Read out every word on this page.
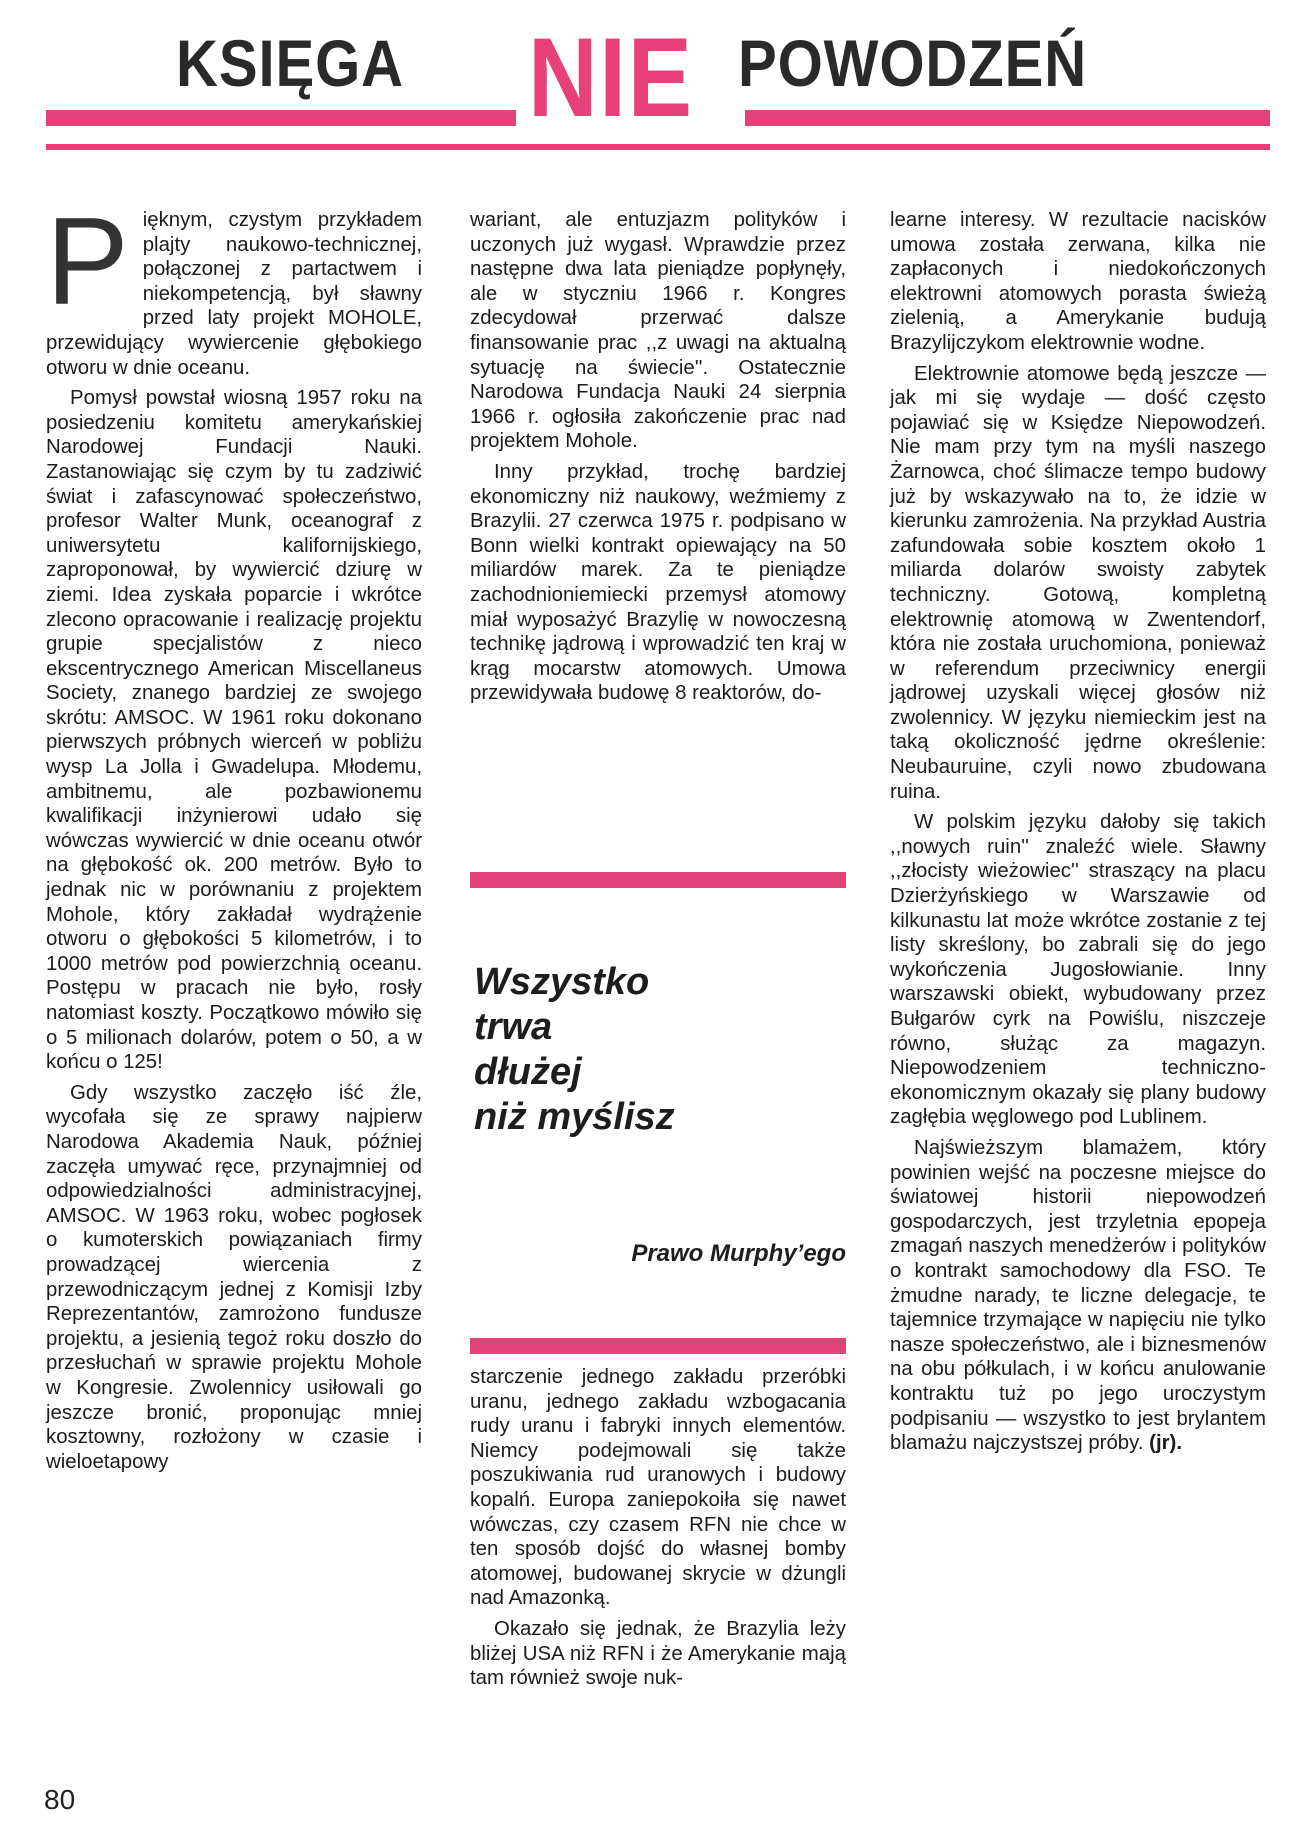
KSIĘGA NIE POWODZEŃ

Pięknym, czystym przykładem plajty naukowo-technicznej, połączonej z partactwem i niekompetencją, był sławny przed laty projekt MOHOLE, przewidujący wywiercenie głębokiego otworu w dnie oceanu.

Pomysł powstał wiosną 1957 roku na posiedzeniu komitetu amerykańskiej Narodowej Fundacji Nauki. Zastanowiając się czym by tu zadziwić świat i zafascynować społeczeństwo, profesor Walter Munk, oceanograf z uniwersytetu kalifornijskiego, zaproponował, by wywiercić dziurę w ziemi. Idea zyskała poparcie i wkrótce zlecono opracowanie i realizację projektu grupie specjalistów z nieco ekscentrycznego American Miscellaneus Society, znanego bardziej ze swojego skrótu: AMSOC. W 1961 roku dokonano pierwszych próbnych wierceń w pobliżu wysp La Jolla i Gwadelupa. Młodemu, ambitnemu, ale pozbawionemu kwalifikacji inżynierowi udało się wówczas wywiercić w dnie oceanu otwór na głębokość ok. 200 metrów. Było to jednak nic w porównaniu z projektem Mohole, który zakładał wydrążenie otworu o głębokości 5 kilometrów, i to 1000 metrów pod powierzchnią oceanu. Postępu w pracach nie było, rosły natomiast koszty. Początkowo mówiło się o 5 milionach dolarów, potem o 50, a w końcu o 125!

Gdy wszystko zaczęło iść źle, wycofała się ze sprawy najpierw Narodowa Akademia Nauk, później zaczęła umywać ręce, przynajmniej od odpowiedzialności administracyjnej, AMSOC. W 1963 roku, wobec pogłosek o kumoterskich powiązaniach firmy prowadzącej wiercenia z przewodniczącym jednej z Komisji Izby Reprezentantów, zamrożono fundusze projektu, a jesienią tegoż roku doszło do przesłuchań w sprawie projektu Mohole w Kongresie. Zwolennicy usiłowali go jeszcze bronić, proponując mniej kosztowny, rozłożony w czasie i wieloetapowy

wariant, ale entuzjazm polityków i uczonych już wygasł. Wprawdzie przez następne dwa lata pieniądze popłynęły, ale w styczniu 1966 r. Kongres zdecydował przerwać dalsze finansowanie prac ,,z uwagi na aktualną sytuację na świecie''. Ostatecznie Narodowa Fundacja Nauki 24 sierpnia 1966 r. ogłosiła zakończenie prac nad projektem Mohole.

Inny przykład, trochę bardziej ekonomiczny niż naukowy, weźmiemy z Brazylii. 27 czerwca 1975 r. podpisano w Bonn wielki kontrakt opiewający na 50 miliardów marek. Za te pieniądze zachodnioniemiecki przemysł atomowy miał wyposażyć Brazylię w nowoczesną technikę jądrową i wprowadzić ten kraj w krąg mocarstw atomowych. Umowa przewidywała budowę 8 reaktorów, do-

Wszystko
trwa
dłużej
niż myślisz
Prawo Murphy’ego

starczenie jednego zakładu przeróbki uranu, jednego zakładu wzbogacania rudy uranu i fabryki innych elementów. Niemcy podejmowali się także poszukiwania rud uranowych i budowy kopalń. Europa zaniepokoiła się nawet wówczas, czy czasem RFN nie chce w ten sposób dojść do własnej bomby atomowej, budowanej skrycie w dżungli nad Amazonką.

Okazało się jednak, że Brazylia leży bliżej USA niż RFN i że Amerykanie mają tam również swoje nuk-

learne interesy. W rezultacie nacisków umowa została zerwana, kilka nie zapłaconych i niedokończonych elektrowni atomowych porasta świeżą zielenią, a Amerykanie budują Brazylijczykom elektrownie wodne.

Elektrownie atomowe będą jeszcze — jak mi się wydaje — dość często pojawiać się w Księdze Niepowodzeń. Nie mam przy tym na myśli naszego Żarnowca, choć ślimacze tempo budowy już by wskazywało na to, że idzie w kierunku zamrożenia. Na przykład Austria zafundowała sobie kosztem około 1 miliarda dolarów swoisty zabytek techniczny. Gotową, kompletną elektrownię atomową w Zwentendorf, która nie została uruchomiona, ponieważ w referendum przeciwnicy energii jądrowej uzyskali więcej głosów niż zwolennicy. W języku niemieckim jest na taką okoliczność jędrne określenie: Neubauruine, czyli nowo zbudowana ruina.

W polskim języku dałoby się takich ,,nowych ruin'' znaleźć wiele. Sławny ,,złocisty wieżowiec'' straszący na placu Dzierżyńskiego w Warszawie od kilkunastu lat może wkrótce zostanie z tej listy skreślony, bo zabrali się do jego wykończenia Jugosłowianie. Inny warszawski obiekt, wybudowany przez Bułgarów cyrk na Powiślu, niszczeje równo, służąc za magazyn. Niepowodzeniem techniczno-ekonomicznym okazały się plany budowy zagłębia węglowego pod Lublinem.

Najświeższym blamażem, który powinien wejść na poczesne miejsce do światowej historii niepowodzeń gospodarczych, jest trzyletnia epopeja zmagań naszych menedżerów i polityków o kontrakt samochodowy dla FSO. Te żmudne narady, te liczne delegacje, te tajemnice trzymające w napięciu nie tylko nasze społeczeństwo, ale i biznesmenów na obu półkulach, i w końcu anulowanie kontraktu tuż po jego uroczystym podpisaniu — wszystko to jest brylantem blamażu najczystszej próby. (jr).

80
